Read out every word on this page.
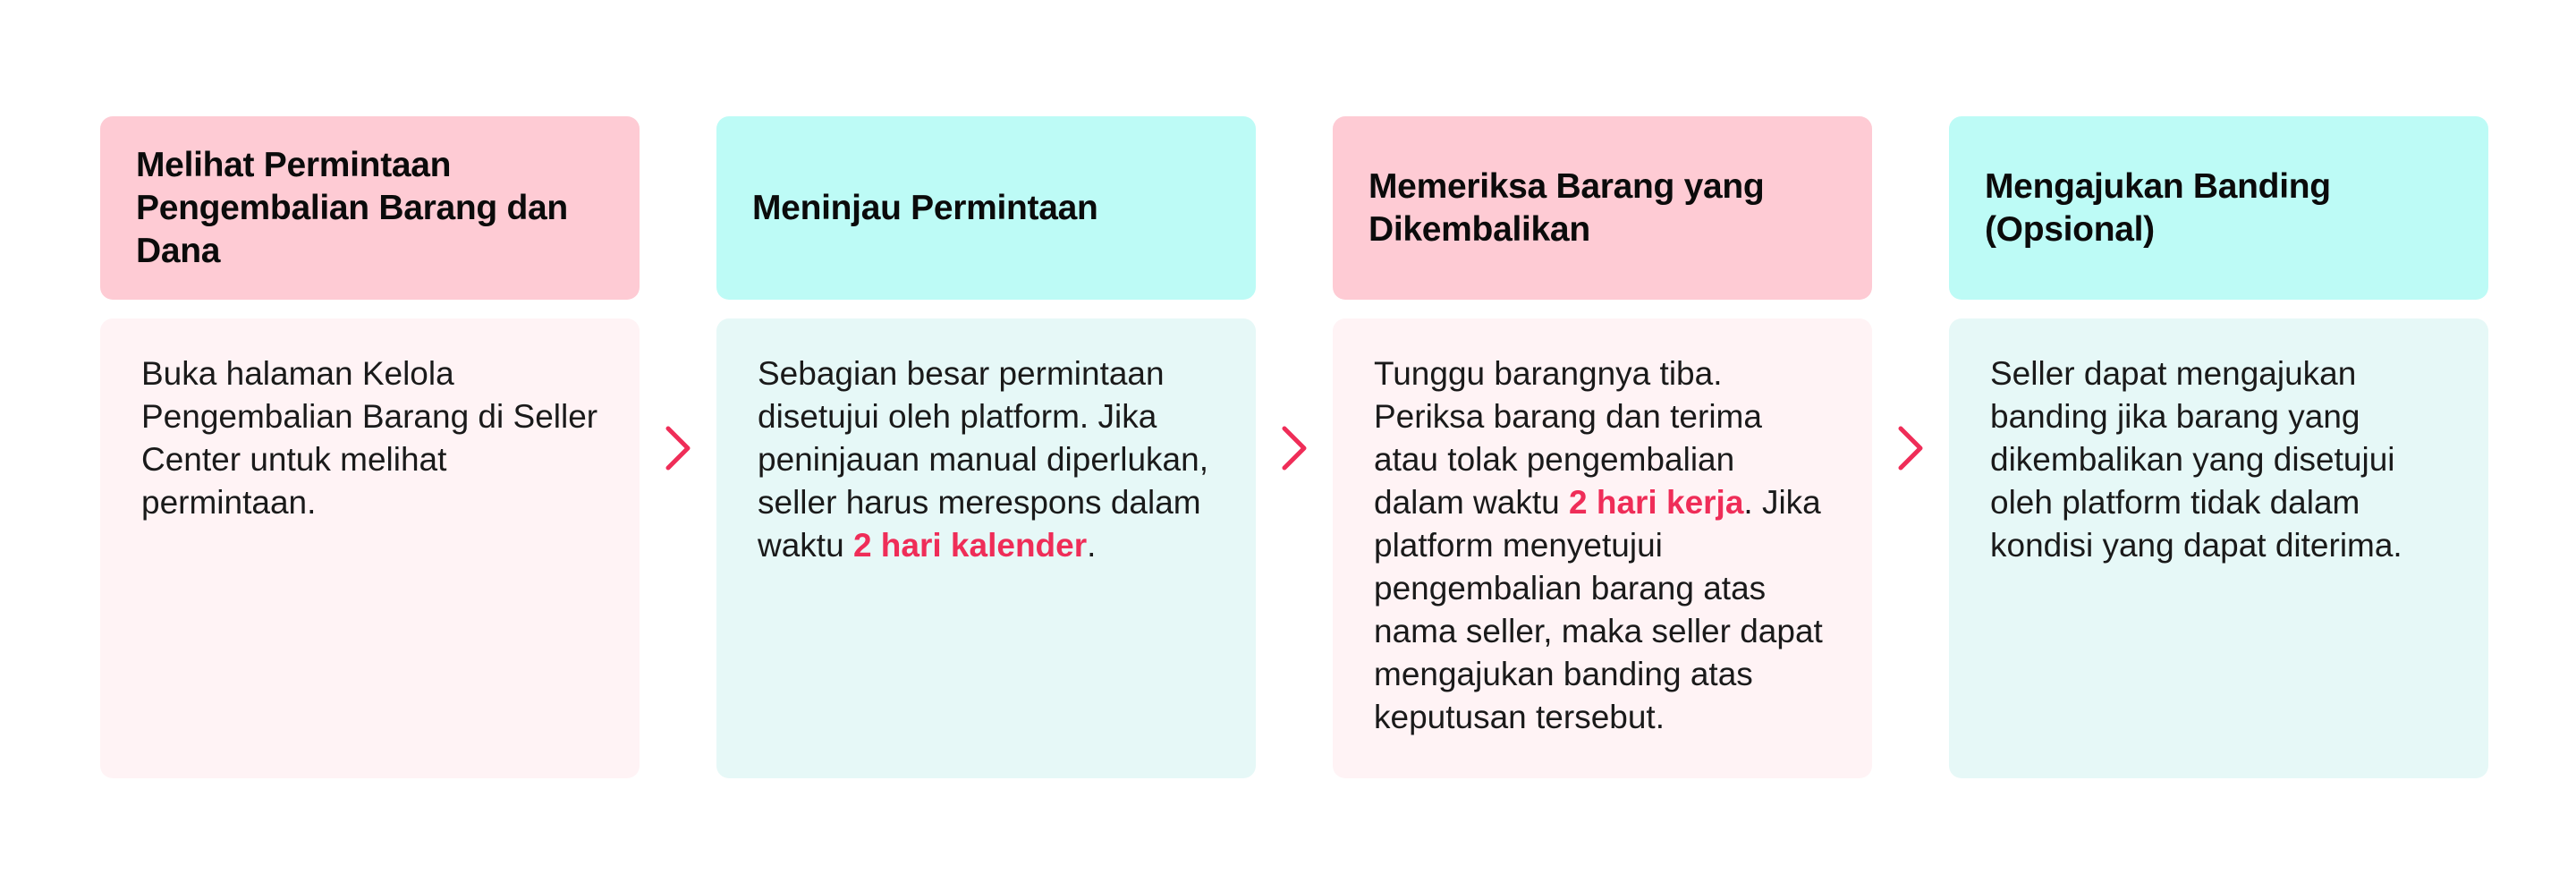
Melihat Permintaan Pengembalian Barang dan Dana

Buka halaman Kelola Pengembalian Barang di Seller Center untuk melihat permintaan.

Meninjau Permintaan

Sebagian besar permintaan disetujui oleh platform. Jika peninjauan manual diperlukan, seller harus merespons dalam waktu 2 hari kalender.

Memeriksa Barang yang Dikembalikan

Tunggu barangnya tiba. Periksa barang dan terima atau tolak pengembalian dalam waktu 2 hari kerja. Jika platform menyetujui pengembalian barang atas nama seller, maka seller dapat mengajukan banding atas keputusan tersebut.

Mengajukan Banding (Opsional)

Seller dapat mengajukan banding jika barang yang dikembalikan yang disetujui oleh platform tidak dalam kondisi yang dapat diterima.
